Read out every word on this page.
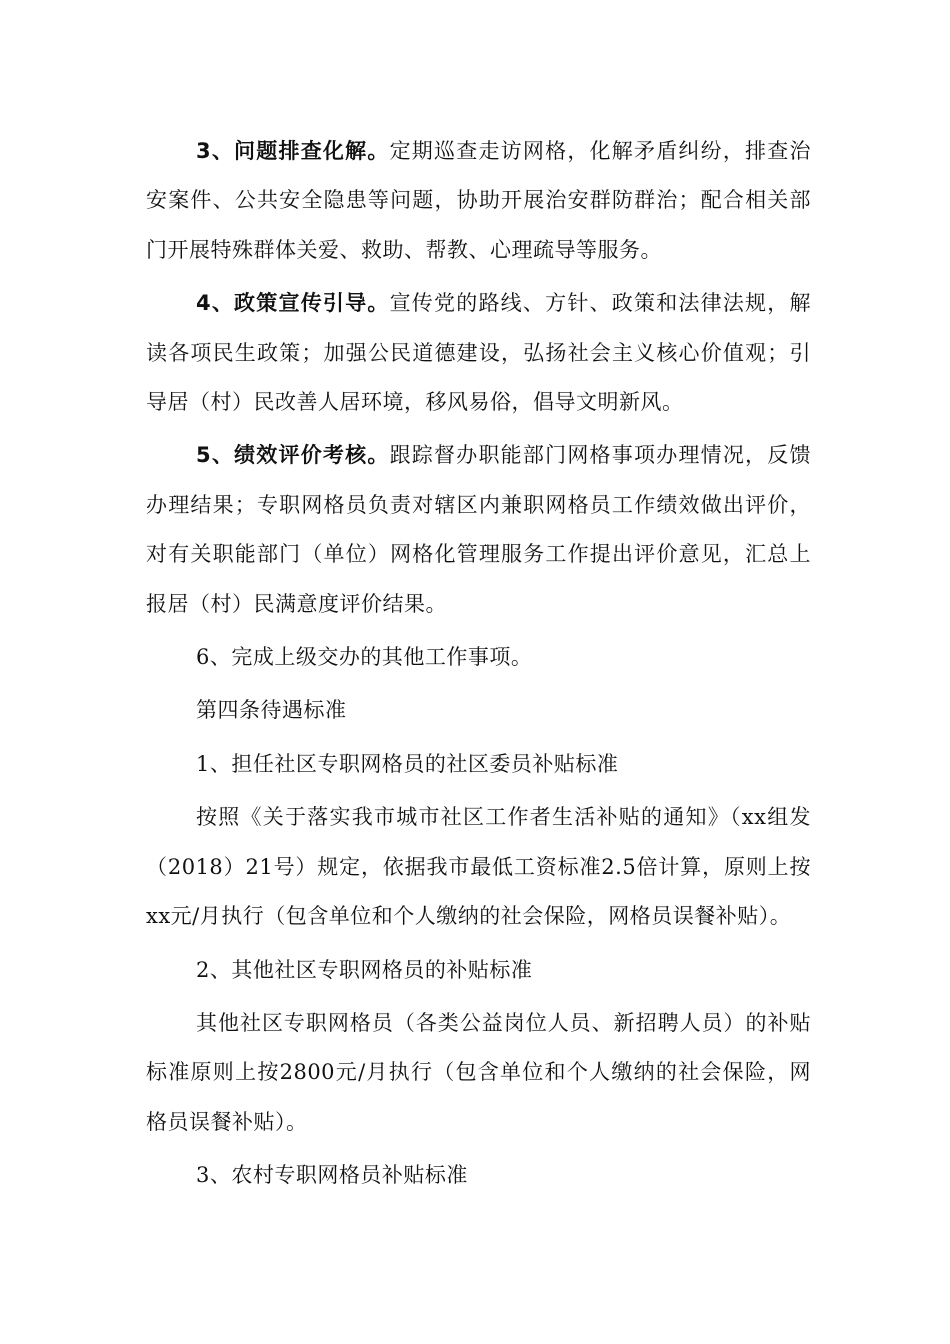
3、问题排查化解。定期巡查走访网格，化解矛盾纠纷，排查治安案件、公共安全隐患等问题，协助开展治安群防群治；配合相关部门开展特殊群体关爱、救助、帮教、心理疏导等服务。

4、政策宣传引导。宣传党的路线、方针、政策和法律法规，解读各项民生政策；加强公民道德建设，弘扬社会主义核心价值观；引导居（村）民改善人居环境，移风易俗，倡导文明新风。

5、绩效评价考核。跟踪督办职能部门网格事项办理情况，反馈办理结果；专职网格员负责对辖区内兼职网格员工作绩效做出评价，对有关职能部门（单位）网格化管理服务工作提出评价意见，汇总上报居（村）民满意度评价结果。

6、完成上级交办的其他工作事项。

第四条待遇标准

1、担任社区专职网格员的社区委员补贴标准

按照《关于落实我市城市社区工作者生活补贴的通知》（xx组发（2018）21号）规定，依据我市最低工资标准2.5倍计算，原则上按xx元/月执行（包含单位和个人缴纳的社会保险，网格员误餐补贴）。

2、其他社区专职网格员的补贴标准

其他社区专职网格员（各类公益岗位人员、新招聘人员）的补贴标准原则上按2800元/月执行（包含单位和个人缴纳的社会保险，网格员误餐补贴）。

3、农村专职网格员补贴标准
